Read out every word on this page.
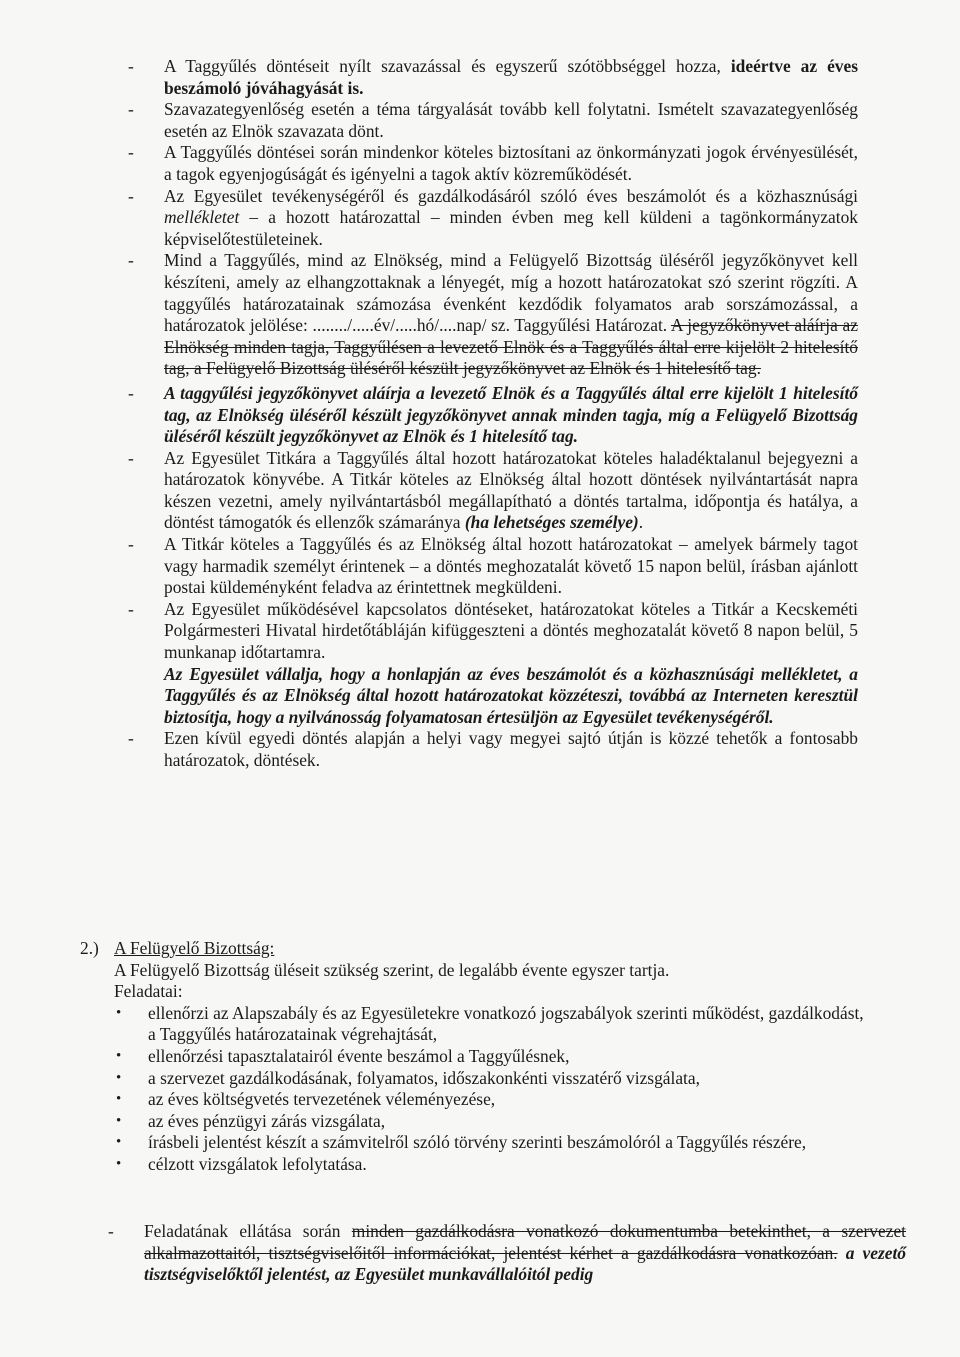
- A Taggyűlés döntéseit nyílt szavazással és egyszerű szótöbbséggel hozza, ideértve az éves beszámoló jóváhagyását is.

- Szavazategyenlőség esetén a téma tárgyalását tovább kell folytatni. Ismételt szavazategyenlőség esetén az Elnök szavazata dönt.

- A Taggyűlés döntései során mindenkor köteles biztosítani az önkormányzati jogok érvényesülését, a tagok egyenjogúságát és igényelni a tagok aktív közreműködését.

- Az Egyesület tevékenységéről és gazdálkodásáról szóló éves beszámolót és a közhasznúsági mellékletet – a hozott határozattal – minden évben meg kell küldeni a tagönkormányzatok képviselőtestületeinek.

- Mind a Taggyűlés, mind az Elnökség, mind a Felügyelő Bizottság üléséről jegyzőkönyvet kell készíteni, amely az elhangzottaknak a lényegét, míg a hozott határozatokat szó szerint rögzíti. A taggyűlés határozatainak számozása évenként kezdődik folyamatos arab sorszámozással, a határozatok jelölése: ......../.....év/.....hó/....nap/ sz. Taggyűlési Határozat. A jegyzőkönyvet aláírja az Elnökség minden tagja, Taggyűlésen a levezető Elnök és a Taggyűlés által erre kijelölt 2 hitelesítő tag, a Felügyelő Bizottság üléséről készült jegyzőkönyvet az Elnök és 1 hitelesítő tag.

- A taggyűlési jegyzőkönyvet aláírja a levezető Elnök és a Taggyűlés által erre kijelölt 1 hitelesítő tag, az Elnökség üléséről készült jegyzőkönyvet annak minden tagja, míg a Felügyelő Bizottság üléséről készült jegyzőkönyvet az Elnök és 1 hitelesítő tag.

- Az Egyesület Titkára a Taggyűlés által hozott határozatokat köteles haladéktalanul bejegyezni a határozatok könyvébe. A Titkár köteles az Elnökség által hozott döntések nyilvántartását napra készen vezetni, amely nyilvántartásból megállapítható a döntés tartalma, időpontja és hatálya, a döntést támogatók és ellenzők számaránya (ha lehetséges személye).

- A Titkár köteles a Taggyűlés és az Elnökség által hozott határozatokat – amelyek bármely tagot vagy harmadik személyt érintenek – a döntés meghozatalát követő 15 napon belül, írásban ajánlott postai küldeményként feladva az érintettnek megküldeni.

- Az Egyesület működésével kapcsolatos döntéseket, határozatokat köteles a Titkár a Kecskeméti Polgármesteri Hivatal hirdetőtábláján kifüggeszteni a döntés meghozatalát követő 8 napon belül, 5 munkanap időtartamra.

Az Egyesület vállalja, hogy a honlapján az éves beszámolót és a közhasznúsági mellékletet, a Taggyűlés és az Elnökség által hozott határozatokat közzéteszi, továbbá az Interneten keresztül biztosítja, hogy a nyilvánosság folyamatosan értesüljön az Egyesület tevékenységéről.

- Ezen kívül egyedi döntés alapján a helyi vagy megyei sajtó útján is közzé tehetők a fontosabb határozatok, döntések.

2.) A Felügyelő Bizottság:

A Felügyelő Bizottság üléseit szükség szerint, de legalább évente egyszer tartja.

Feladatai:

• ellenőrzi az Alapszabály és az Egyesületekre vonatkozó jogszabályok szerinti működést, gazdálkodást, a Taggyűlés határozatainak végrehajtását,
• ellenőrzési tapasztalatairól évente beszámol a Taggyűlésnek,
• a szervezet gazdálkodásának, folyamatos, időszakonkénti visszatérő vizsgálata,
• az éves költségvetés tervezetének véleményezése,
• az éves pénzügyi zárás vizsgálata,
• írásbeli jelentést készít a számvitelről szóló törvény szerinti beszámolóról a Taggyűlés részére,
• célzott vizsgálatok lefolytatása.
- Feladatának ellátása során minden gazdálkodásra vonatkozó dokumentumba betekinthet, a szervezet alkalmazottaitól, tisztségviselőitől információkat, jelentést kérhet a gazdálkodásra vonatkozóan. a vezető tisztségviselőktől jelentést, az Egyesület munkavállalóitól pedig
